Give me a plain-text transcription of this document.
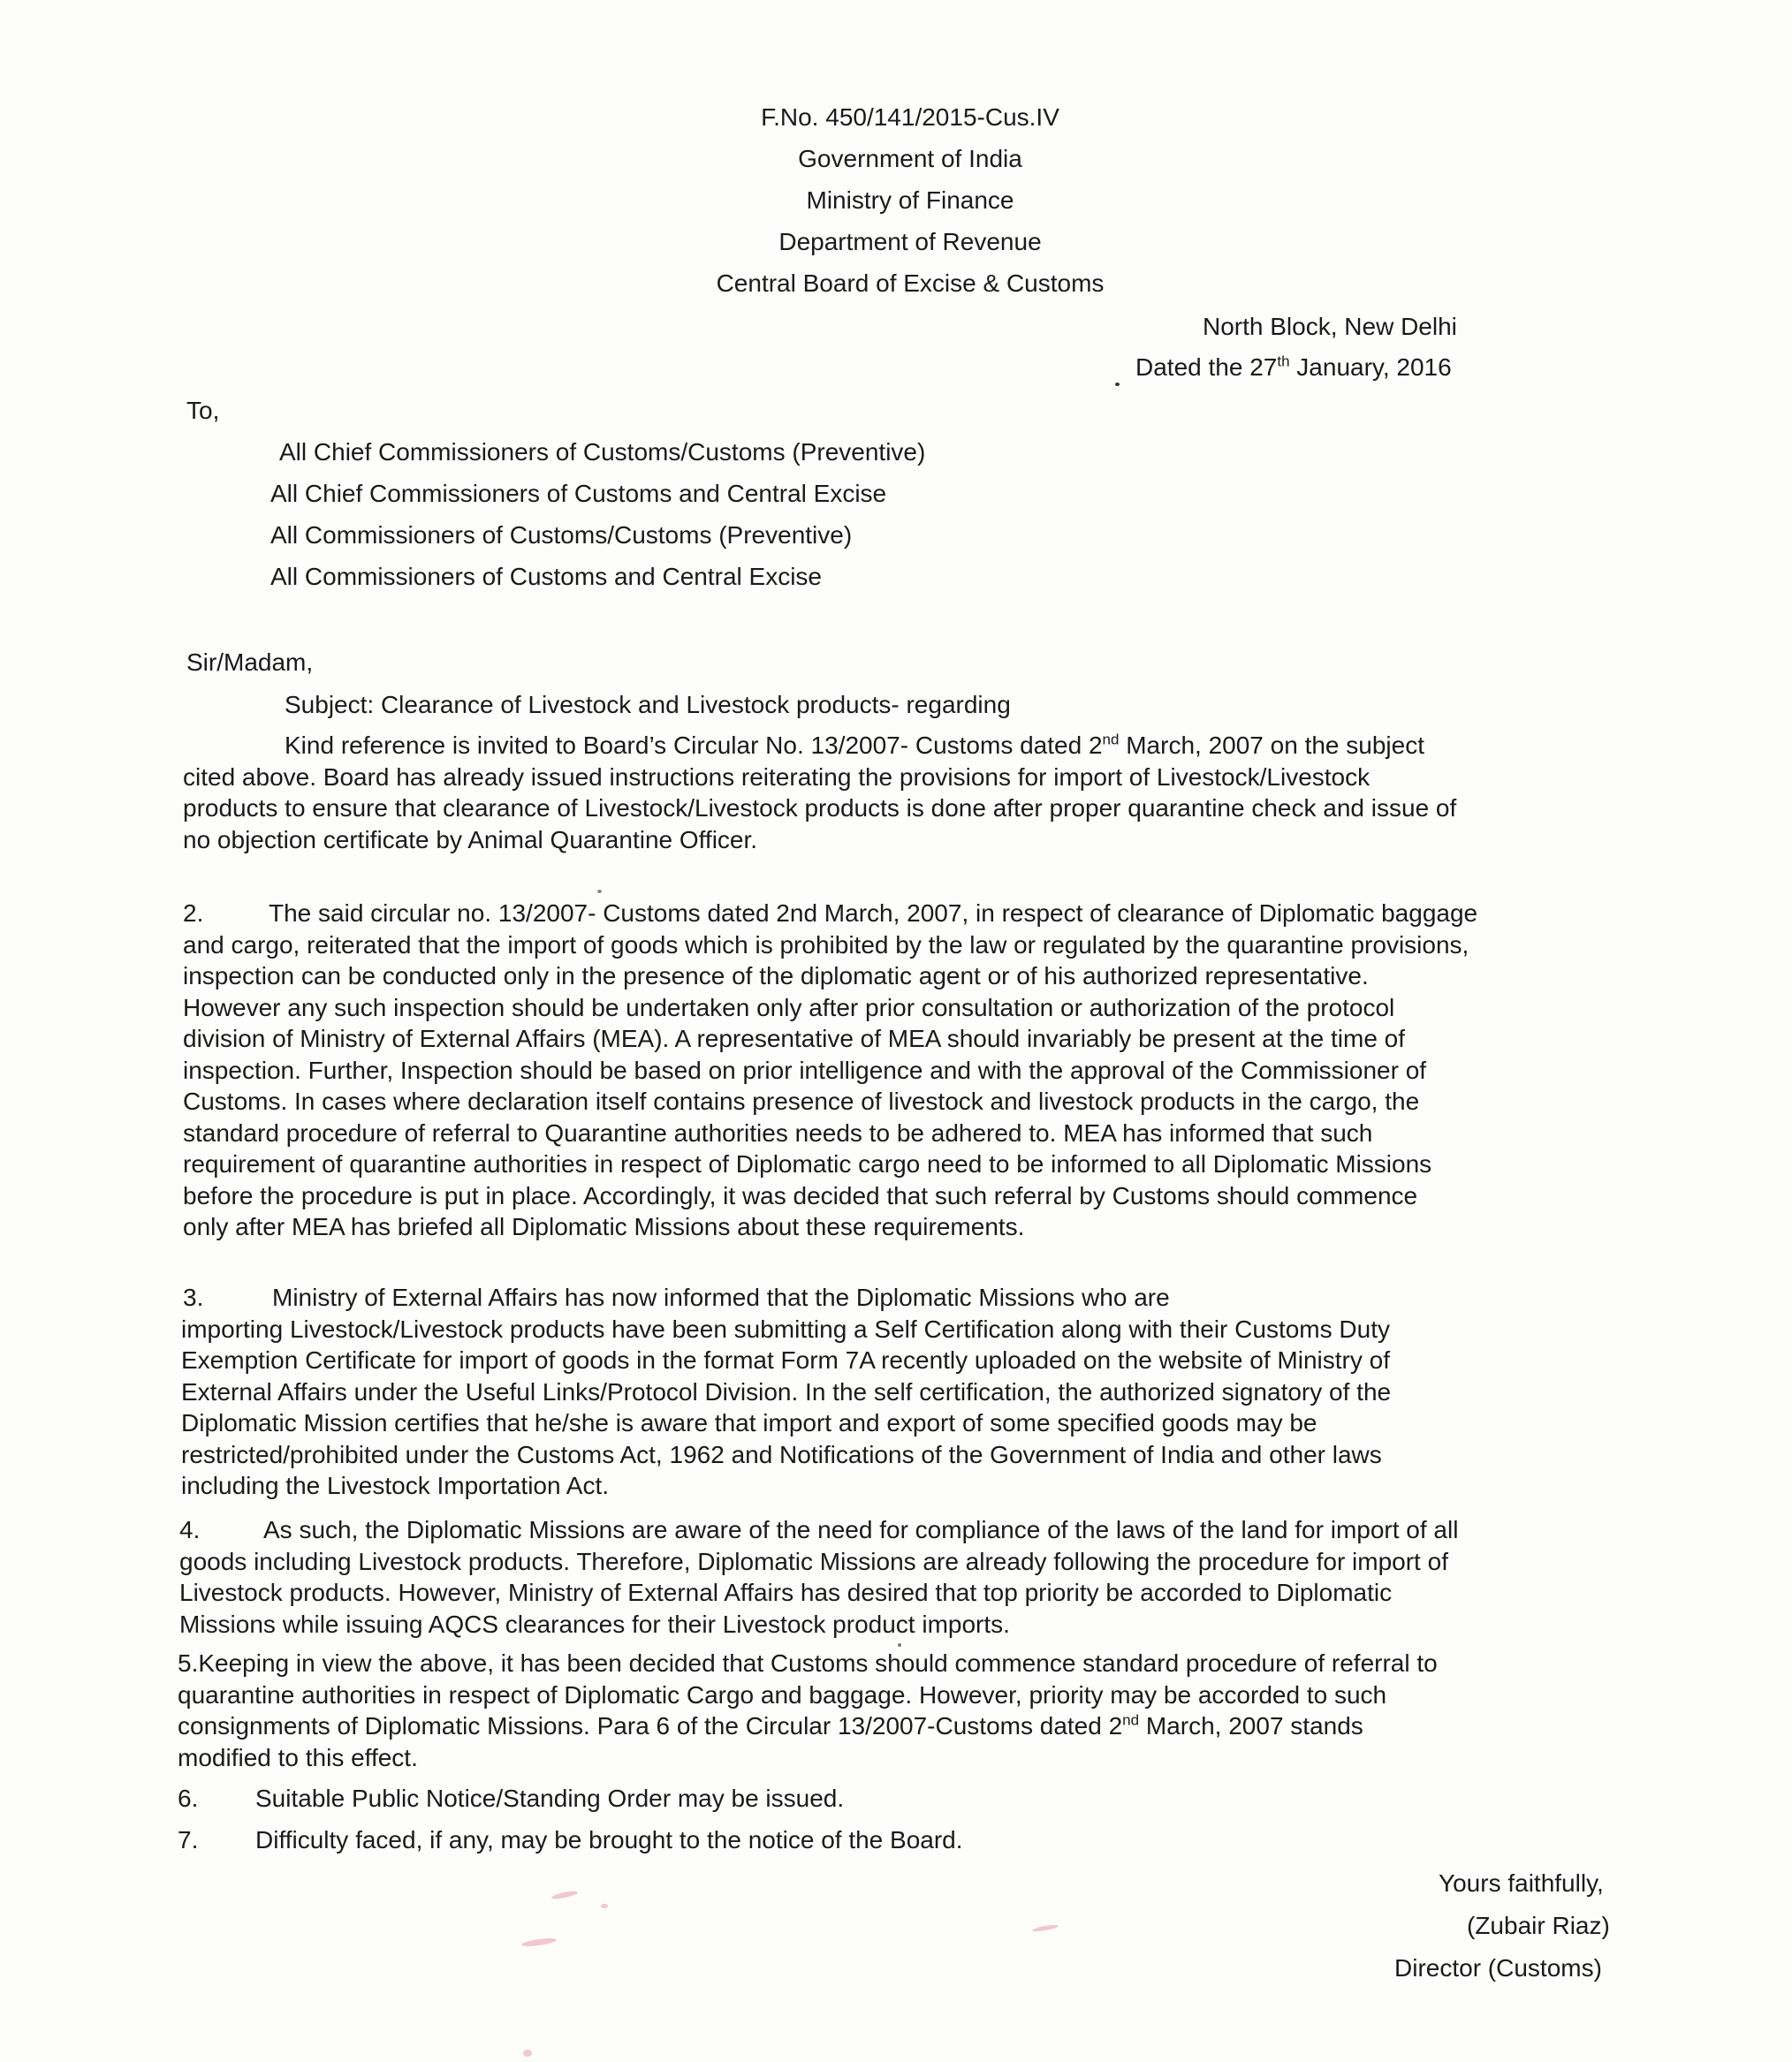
F.No. 450/141/2015-Cus.IV
Government of India
Ministry of Finance
Department of Revenue
Central Board of Excise & Customs
North Block, New Delhi
Dated the 27th January, 2016
To,
All Chief Commissioners of Customs/Customs (Preventive)
All Chief Commissioners of Customs and Central Excise
All Commissioners of Customs/Customs (Preventive)
All Commissioners of Customs and Central Excise
Sir/Madam,
Subject: Clearance of Livestock and Livestock products- regarding
Kind reference is invited to Board’s Circular No. 13/2007- Customs dated 2nd March, 2007 on the subject
cited above. Board has already issued instructions reiterating the provisions for import of Livestock/Livestock
products to ensure that clearance of Livestock/Livestock products is done after proper quarantine check and issue of
no objection certificate by Animal Quarantine Officer.
2.	The said circular no. 13/2007- Customs dated 2nd March, 2007, in respect of clearance of Diplomatic baggage
and cargo, reiterated that the import of goods which is prohibited by the law or regulated by the quarantine provisions,
inspection can be conducted only in the presence of the diplomatic agent or of his authorized representative.
However any such inspection should be undertaken only after prior consultation or authorization of the protocol
division of Ministry of External Affairs (MEA). A representative of MEA should invariably be present at the time of
inspection. Further, Inspection should be based on prior intelligence and with the approval of the Commissioner of
Customs. In cases where declaration itself contains presence of livestock and livestock products in the cargo, the
standard procedure of referral to Quarantine authorities needs to be adhered to. MEA has informed that such
requirement of quarantine authorities in respect of Diplomatic cargo need to be informed to all Diplomatic Missions
before the procedure is put in place. Accordingly, it was decided that such referral by Customs should commence
only after MEA has briefed all Diplomatic Missions about these requirements.
3.	Ministry of External Affairs has now informed that the Diplomatic Missions who are
importing Livestock/Livestock products have been submitting a Self Certification along with their Customs Duty
Exemption Certificate for import of goods in the format Form 7A recently uploaded on the website of Ministry of
External Affairs under the Useful Links/Protocol Division. In the self certification, the authorized signatory of the
Diplomatic Mission certifies that he/she is aware that import and export of some specified goods may be
restricted/prohibited under the Customs Act, 1962 and Notifications of the Government of India and other laws
including the Livestock Importation Act.
4.	As such, the Diplomatic Missions are aware of the need for compliance of the laws of the land for import of all
goods including Livestock products. Therefore, Diplomatic Missions are already following the procedure for import of
Livestock products. However, Ministry of External Affairs has desired that top priority be accorded to Diplomatic
Missions while issuing AQCS clearances for their Livestock product imports.
5.Keeping in view the above, it has been decided that Customs should commence standard procedure of referral to
quarantine authorities in respect of Diplomatic Cargo and baggage. However, priority may be accorded to such
consignments of Diplomatic Missions. Para 6 of the Circular 13/2007-Customs dated 2nd March, 2007 stands
modified to this effect.
6. Suitable Public Notice/Standing Order may be issued.
7. Difficulty faced, if any, may be brought to the notice of the Board.
Yours faithfully,
(Zubair Riaz)
Director (Customs)
